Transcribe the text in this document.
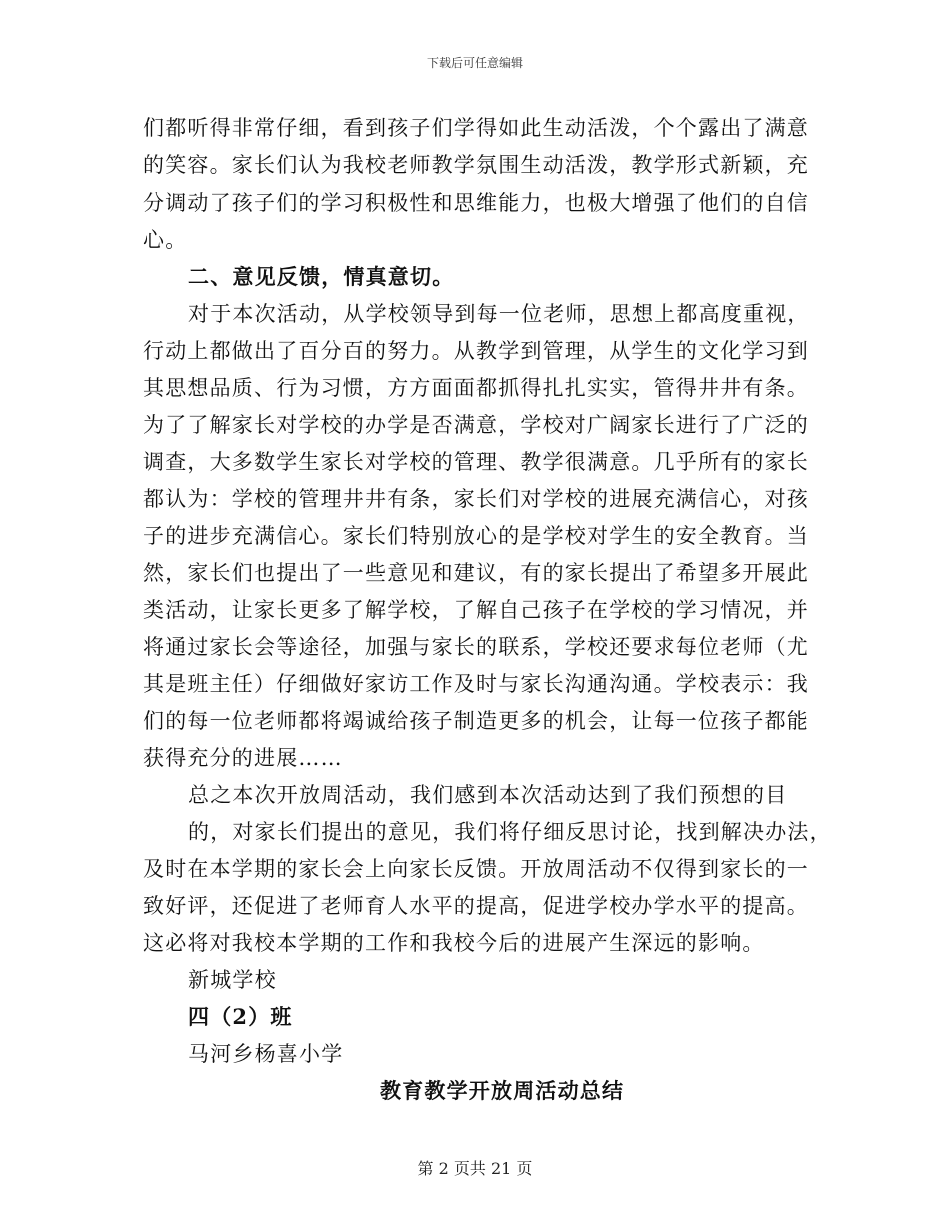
下载后可任意编辑
们都听得非常仔细，看到孩子们学得如此生动活泼，个个露出了满意
的笑容。家长们认为我校老师教学氛围生动活泼，教学形式新颖，充
分调动了孩子们的学习积极性和思维能力，也极大增强了他们的自信
心。
二、意见反馈，情真意切。
对于本次活动，从学校领导到每一位老师，思想上都高度重视，
行动上都做出了百分百的努力。从教学到管理，从学生的文化学习到
其思想品质、行为习惯，方方面面都抓得扎扎实实，管得井井有条。
为了了解家长对学校的办学是否满意，学校对广阔家长进行了广泛的
调查，大多数学生家长对学校的管理、教学很满意。几乎所有的家长
都认为：学校的管理井井有条，家长们对学校的进展充满信心，对孩
子的进步充满信心。家长们特别放心的是学校对学生的安全教育。当
然，家长们也提出了一些意见和建议，有的家长提出了希望多开展此
类活动，让家长更多了解学校，了解自己孩子在学校的学习情况，并
将通过家长会等途径，加强与家长的联系，学校还要求每位老师（尤
其是班主任）仔细做好家访工作及时与家长沟通沟通。学校表示：我
们的每一位老师都将竭诚给孩子制造更多的机会，让每一位孩子都能
获得充分的进展……
总之本次开放周活动，我们感到本次活动达到了我们预想的目
的，对家长们提出的意见，我们将仔细反思讨论，找到解决办法，
及时在本学期的家长会上向家长反馈。开放周活动不仅得到家长的一
致好评，还促进了老师育人水平的提高，促进学校办学水平的提高。
这必将对我校本学期的工作和我校今后的进展产生深远的影响。
新城学校
四（2）班
马河乡杨喜小学
教育教学开放周活动总结
第 2 页共 21 页
